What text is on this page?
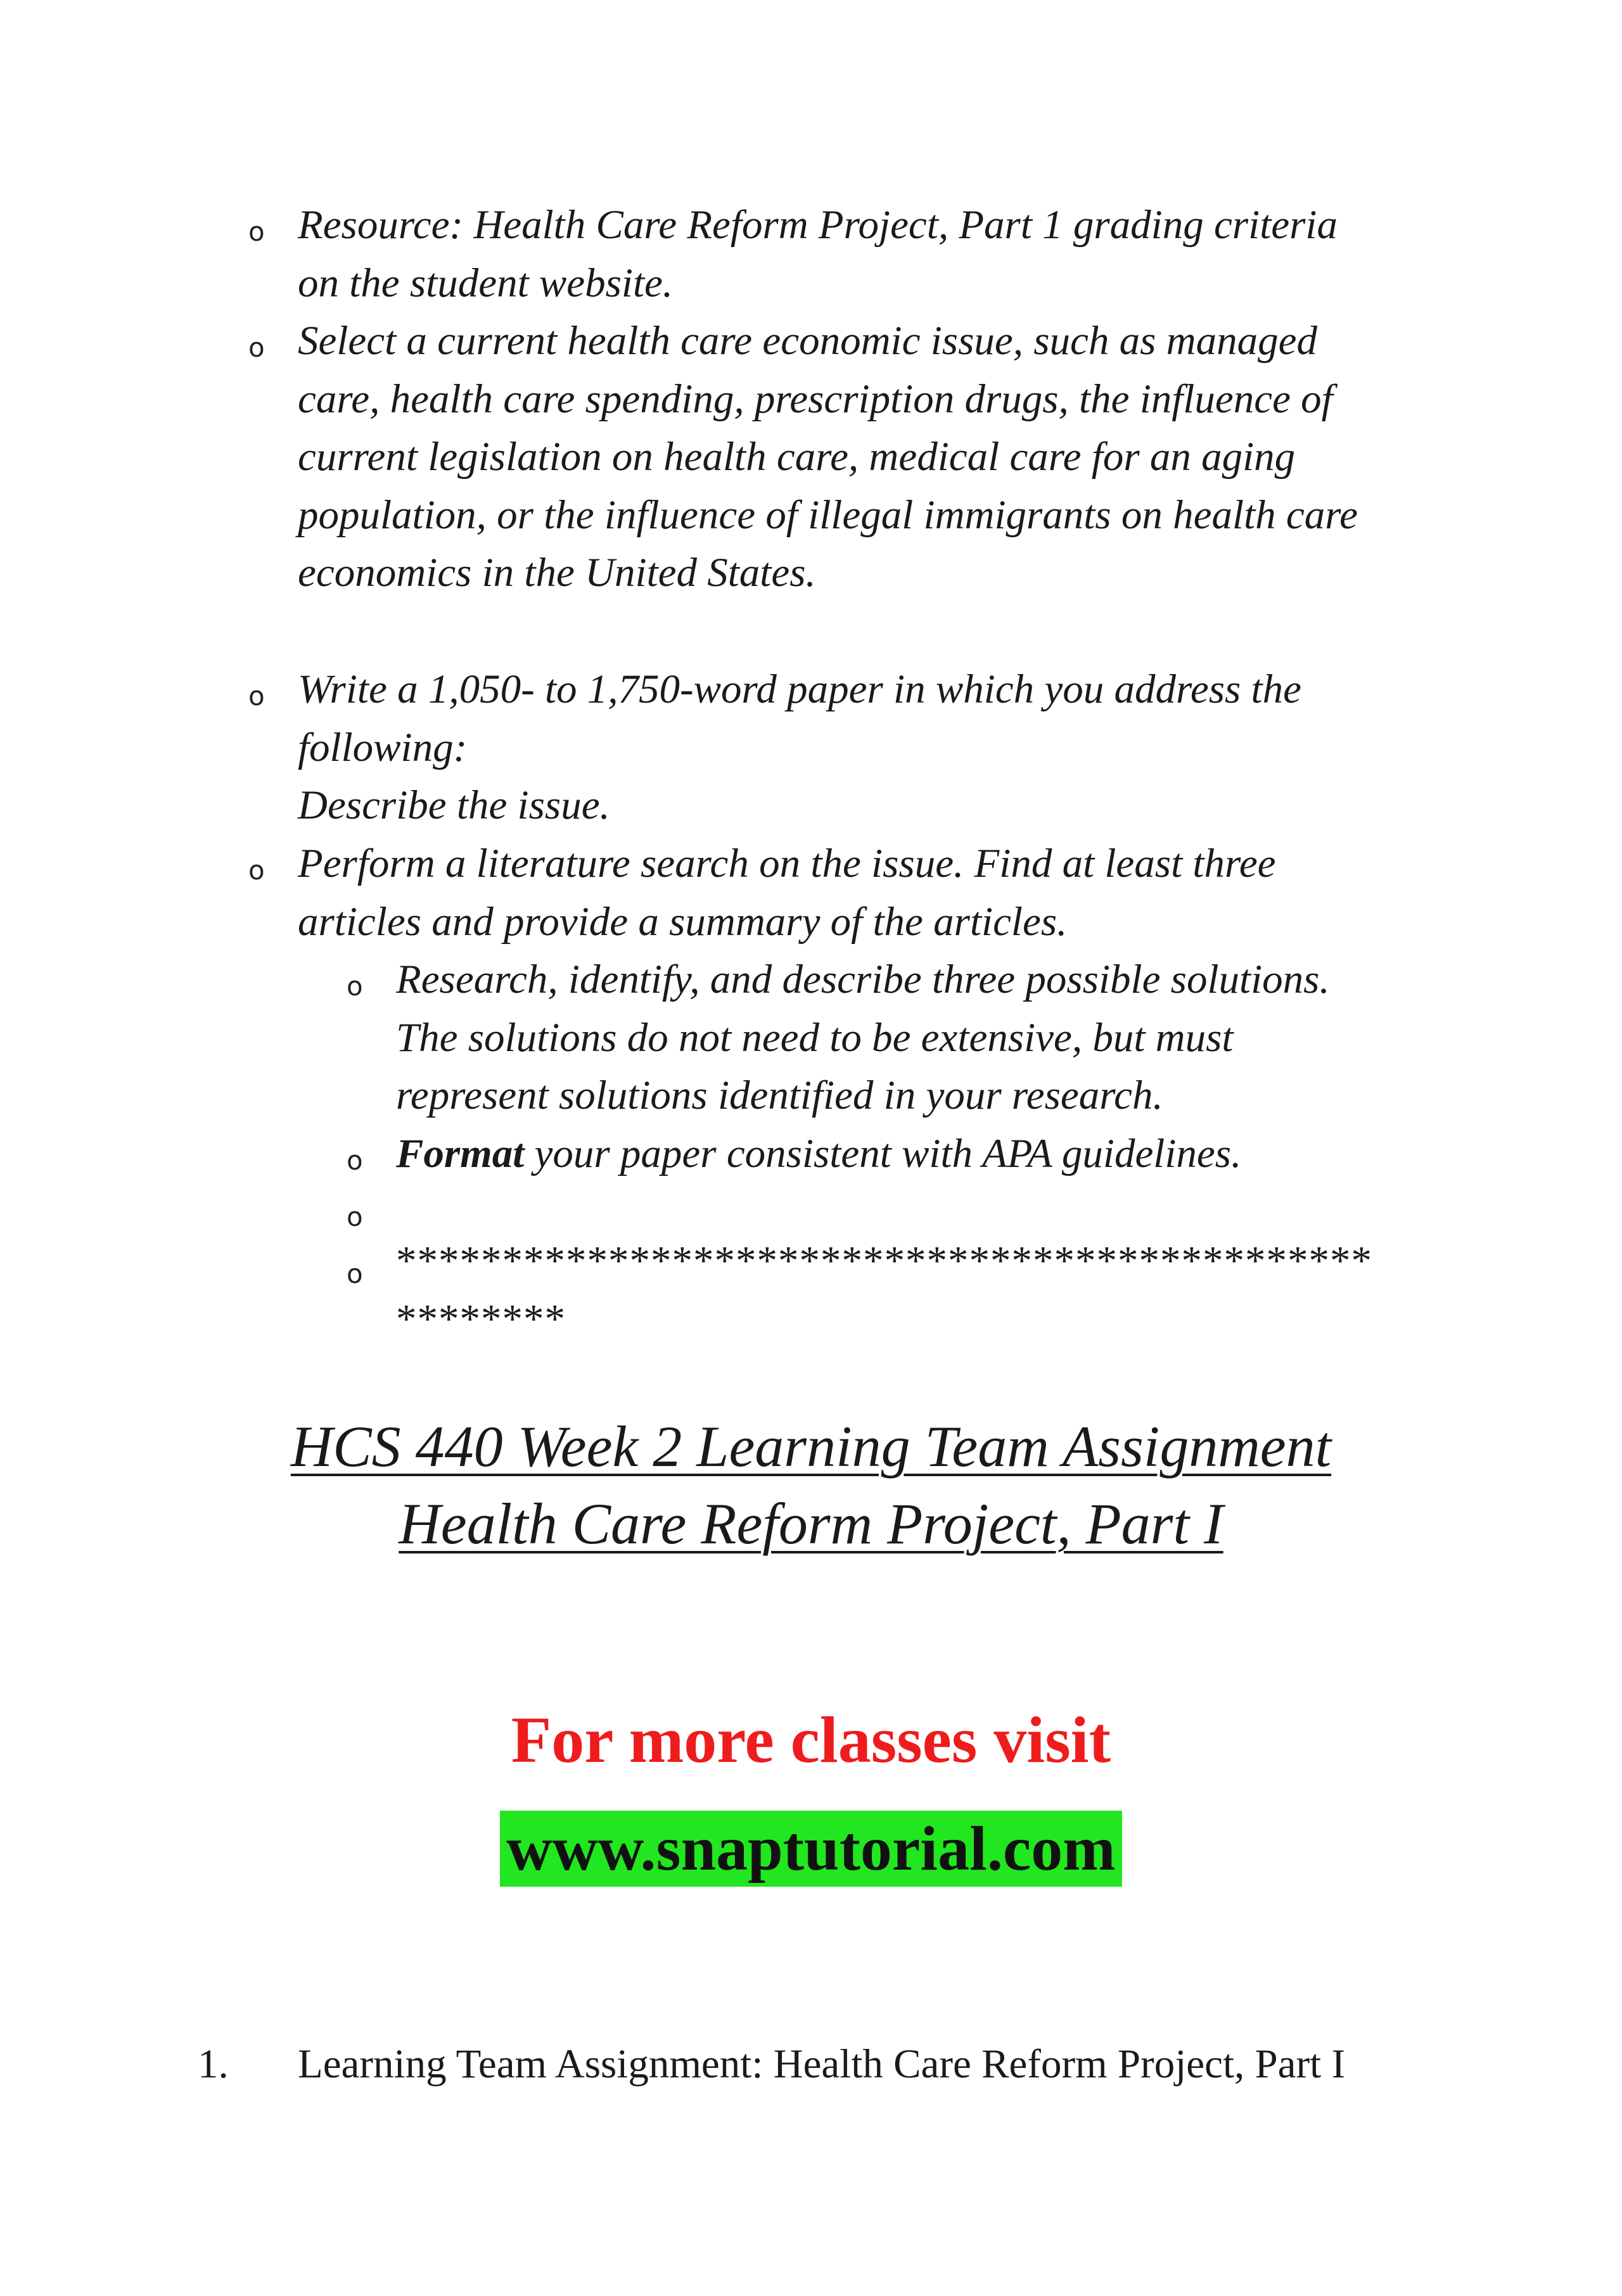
o Resource: Health Care Reform Project, Part 1 grading criteria
on the student website.
o Select a current health care economic issue, such as managed
care, health care spending, prescription drugs, the influence of
current legislation on health care, medical care for an aging
population, or the influence of illegal immigrants on health care
economics in the United States.
o Write a 1,050- to 1,750-word paper in which you address the
following:
Describe the issue.
o Perform a literature search on the issue. Find at least three
articles and provide a summary of the articles.
o Research, identify, and describe three possible solutions.
The solutions do not need to be extensive, but must
represent solutions identified in your research.
o Format your paper consistent with APA guidelines.
o
o **********************************************
********
HCS 440 Week 2 Learning Team Assignment
Health Care Reform Project, Part I
For more classes visit
www.snaptutorial.com
1. Learning Team Assignment: Health Care Reform Project, Part I
